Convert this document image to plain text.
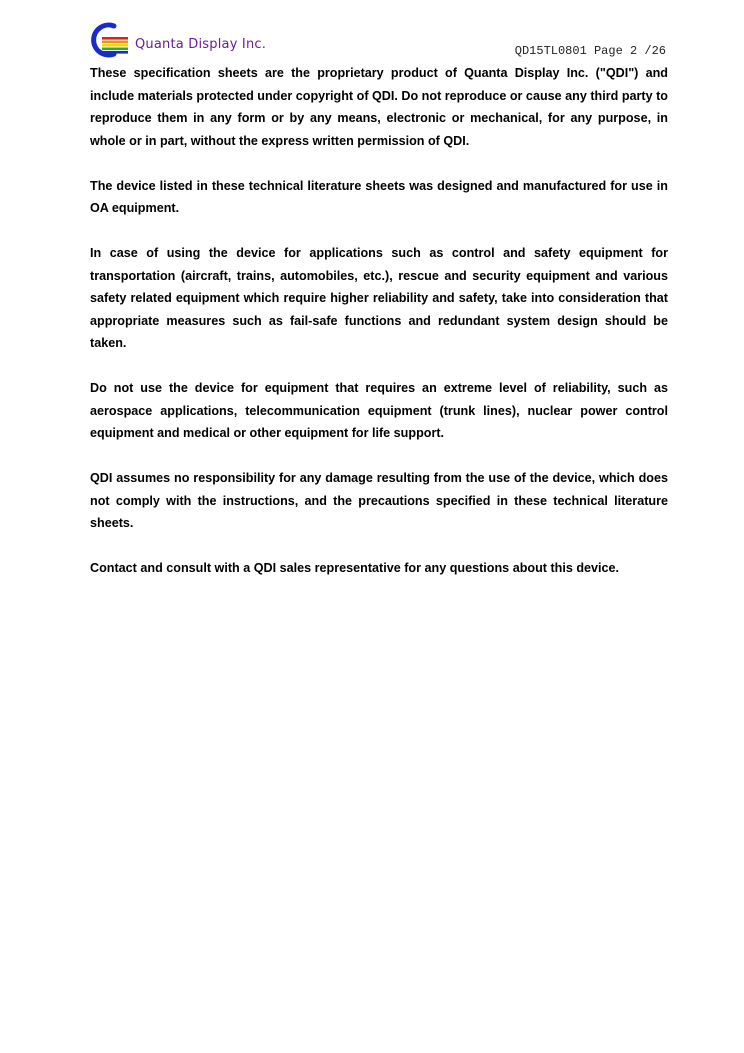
Quanta Display Inc.	QD15TL0801 Page 2 /26

These specification sheets are the proprietary product of Quanta Display Inc. ("QDI") and include materials protected under copyright of QDI. Do not reproduce or cause any third party to reproduce them in any form or by any means, electronic or mechanical, for any purpose, in whole or in part, without the express written permission of QDI.

The device listed in these technical literature sheets was designed and manufactured for use in OA equipment.

In case of using the device for applications such as control and safety equipment for transportation (aircraft, trains, automobiles, etc.), rescue and security equipment and various safety related equipment which require higher reliability and safety, take into consideration that appropriate measures such as fail-safe functions and redundant system design should be taken.

Do not use the device for equipment that requires an extreme level of reliability, such as aerospace applications, telecommunication equipment (trunk lines), nuclear power control equipment and medical or other equipment for life support.

QDI assumes no responsibility for any damage resulting from the use of the device, which does not comply with the instructions, and the precautions specified in these technical literature sheets.

Contact and consult with a QDI sales representative for any questions about this device.
